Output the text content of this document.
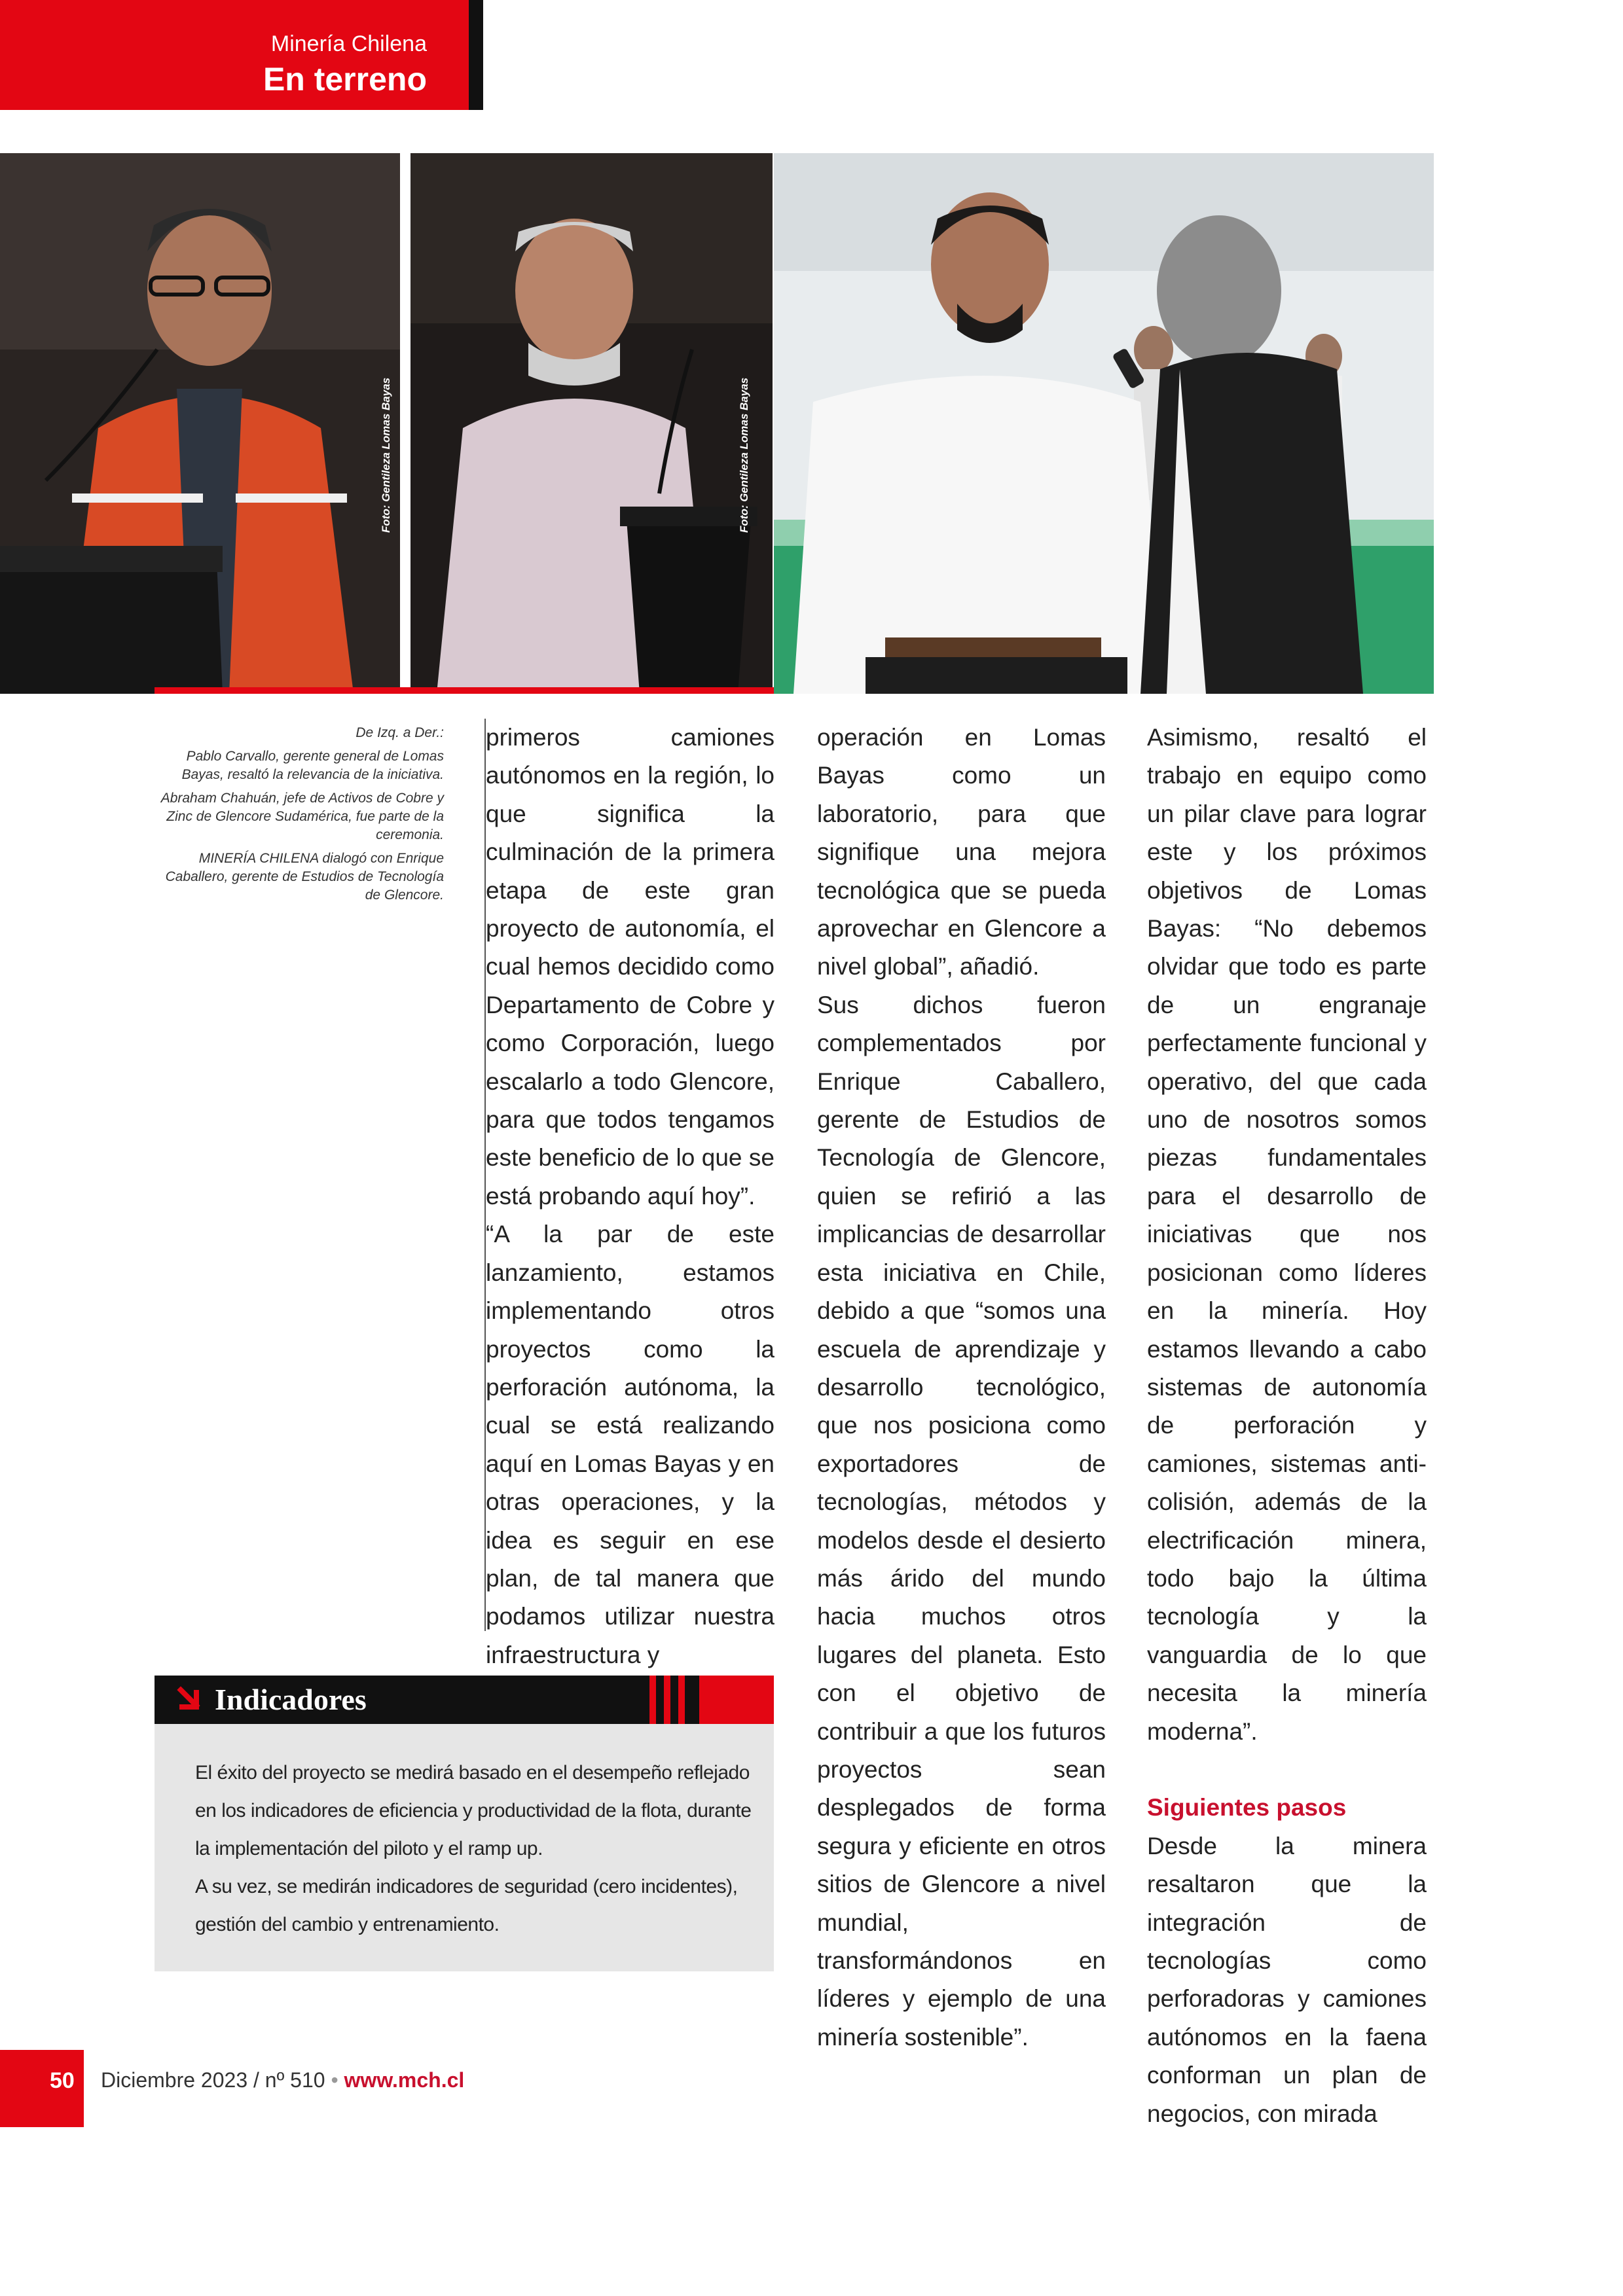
Minería Chilena
En terreno
Foto: Gentileza Lomas Bayas	Foto: Gentileza Lomas Bayas

De Izq. a Der.:

Pablo Carvallo, gerente general de Lomas Bayas, resaltó la relevancia de la iniciativa.

Abraham Chahuán, jefe de Activos de Cobre y Zinc de Glencore Sudamérica, fue parte de la ceremonia.

MINERÍA CHILENA dialogó con Enrique Caballero, gerente de Estudios de Tecnología de Glencore.

primeros camiones autónomos en la región, lo que significa la culminación de la primera etapa de este gran proyecto de autonomía, el cual hemos decidido como Departamento de Cobre y como Corporación, luego escalarlo a todo Glencore, para que todos tengamos este beneficio de lo que se está probando aquí hoy”.

“A la par de este lanzamiento, estamos implementando otros proyectos como la perforación autónoma, la cual se está realizando aquí en Lomas Bayas y en otras operaciones, y la idea es seguir en ese plan, de tal manera que podamos utilizar nuestra infraestructura y

operación en Lomas Bayas como un laboratorio, para que signifique una mejora tecnológica que se pueda aprovechar en Glencore a nivel global”, añadió.

Sus dichos fueron complementados por Enrique Caballero, gerente de Estudios de Tecnología de Glencore, quien se refirió a las implicancias de desarrollar esta iniciativa en Chile, debido a que “somos una escuela de aprendizaje y desarrollo tecnológico, que nos posiciona como exportadores de tecnologías, métodos y modelos desde el desierto más árido del mundo hacia muchos otros lugares del planeta. Esto con el objetivo de contribuir a que los futuros proyectos sean desplegados de forma segura y eficiente en otros sitios de Glencore a nivel mundial, transformándonos en líderes y ejemplo de una minería sostenible”.

Asimismo, resaltó el trabajo en equipo como un pilar clave para lograr este y los próximos objetivos de Lomas Bayas: “No debemos olvidar que todo es parte de un engranaje perfectamente funcional y operativo, del que cada uno de nosotros somos piezas fundamentales para el desarrollo de iniciativas que nos posicionan como líderes en la minería. Hoy estamos llevando a cabo sistemas de autonomía de perforación y camiones, sistemas anti-colisión, además de la electrificación minera, todo bajo la última tecnología y la vanguardia de lo que necesita la minería moderna”.

Siguientes pasos

Desde la minera resaltaron que la integración de tecnologías como perforadoras y camiones autónomos en la faena conforman un plan de negocios, con mirada

Indicadores

El éxito del proyecto se medirá basado en el desempeño reflejado en los indicadores de eficiencia y productividad de la flota, durante la implementación del piloto y el ramp up.

A su vez, se medirán indicadores de seguridad (cero incidentes), gestión del cambio y entrenamiento.

50 Diciembre 2023 / nº 510 • www.mch.cl
